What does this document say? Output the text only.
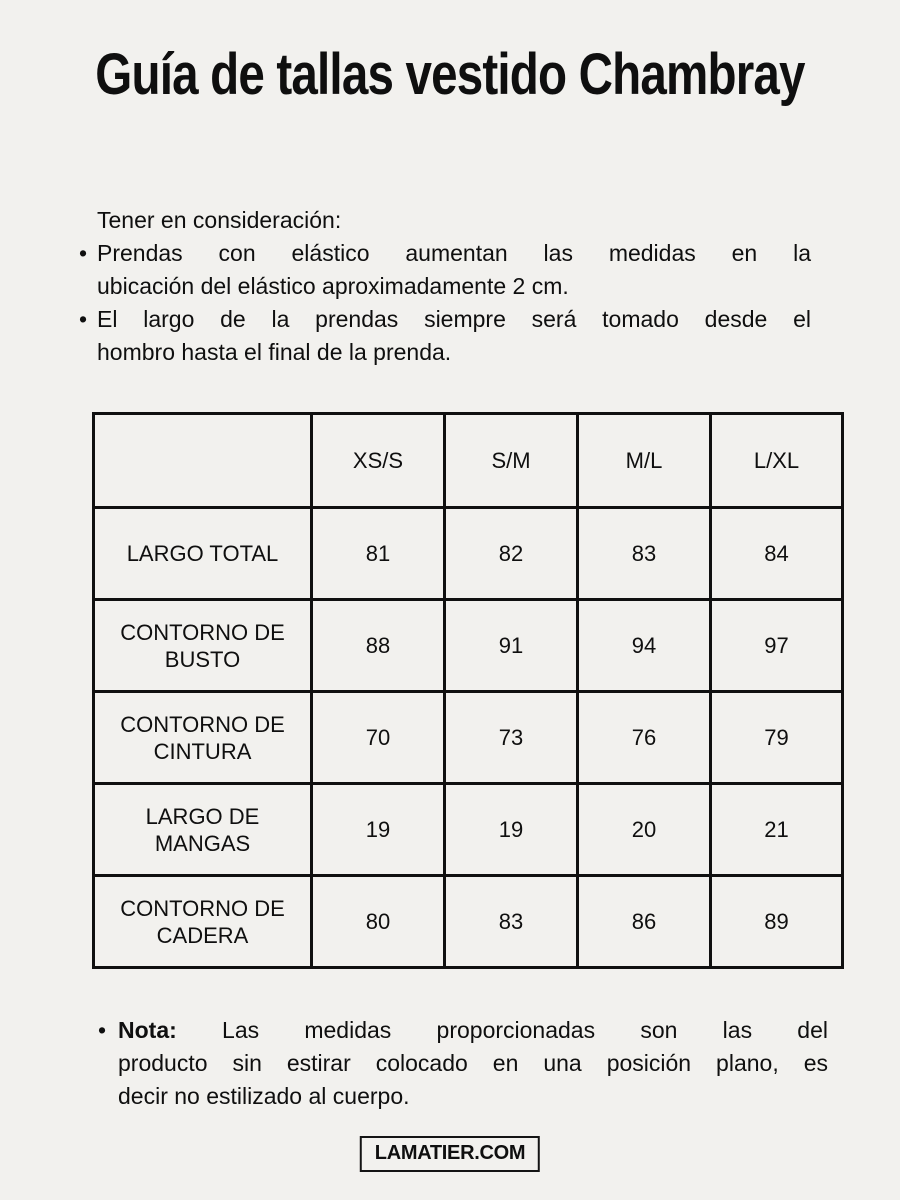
Guía de tallas vestido Chambray
Tener en consideración:
• Prendas con elástico aumentan las medidas en la
ubicación del elástico aproximadamente 2 cm.
• El largo de la prendas siempre será tomado desde el
hombro hasta el final de la prenda.
	XS/S	S/M	M/L	L/XL
LARGO TOTAL	81	82	83	84
CONTORNO DE BUSTO	88	91	94	97
CONTORNO DE CINTURA	70	73	76	79
LARGO DE MANGAS	19	19	20	21
CONTORNO DE CADERA	80	83	86	89
• Nota: Las medidas proporcionadas son las del
producto sin estirar colocado en una posición plano, es
decir no estilizado al cuerpo.
LAMATIER.COM
